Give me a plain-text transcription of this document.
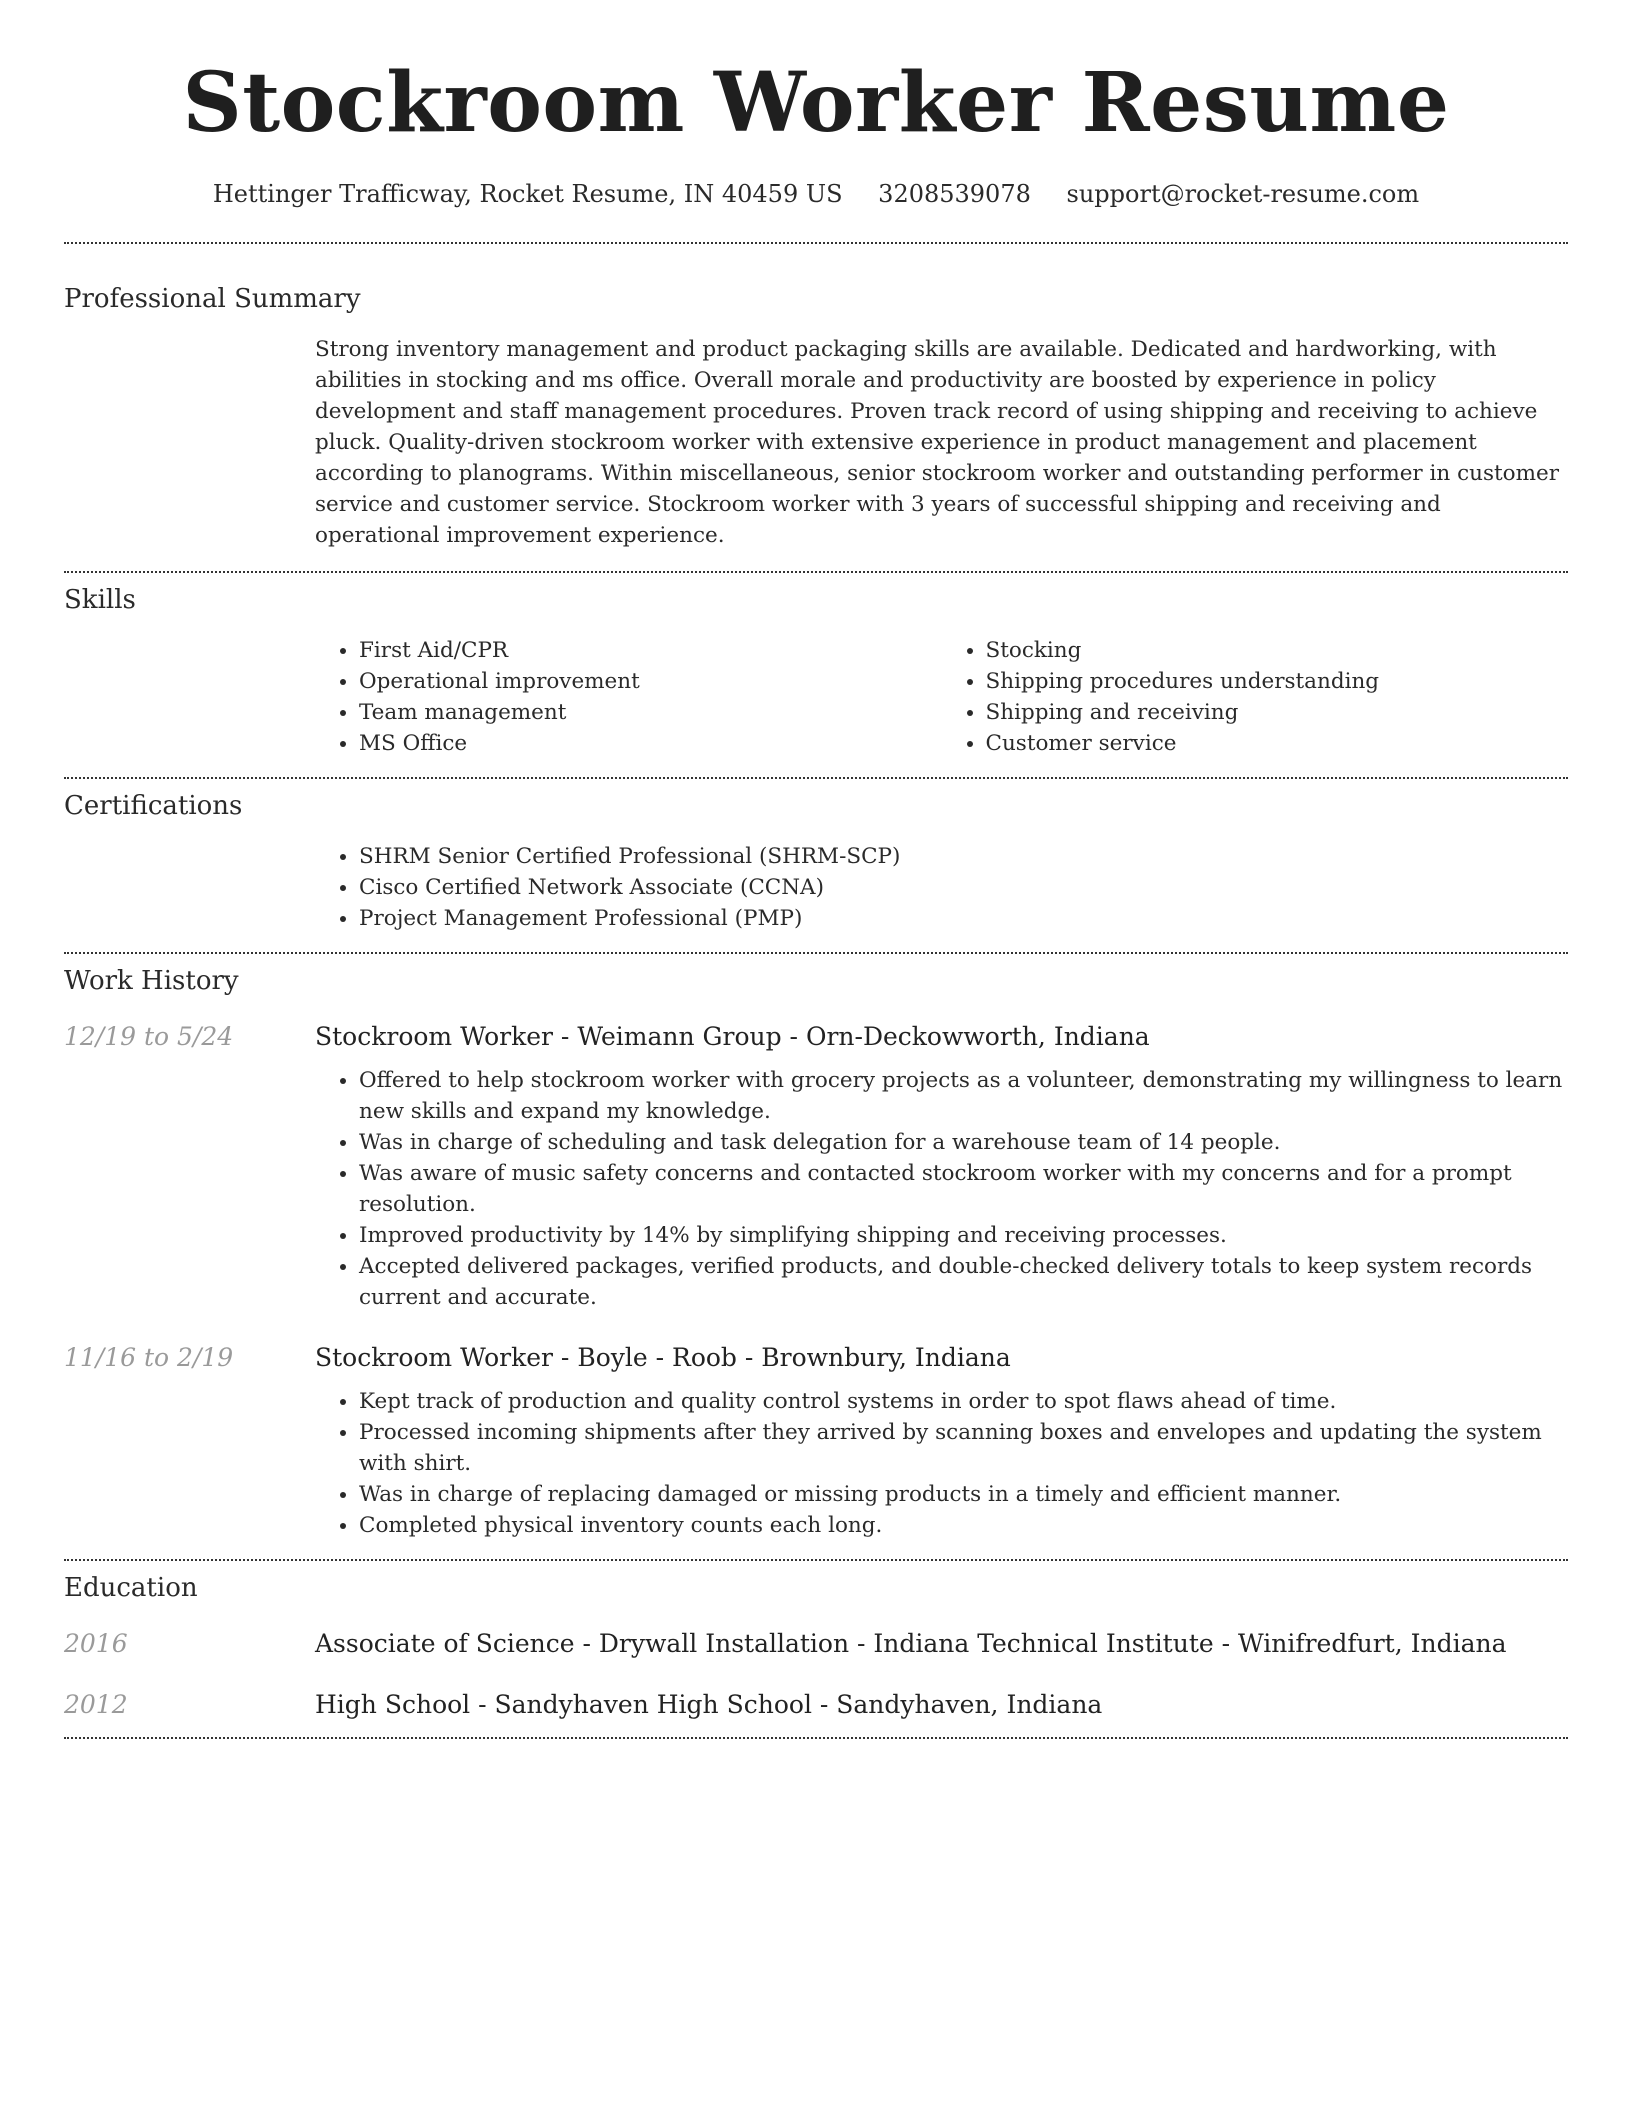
Stockroom Worker Resume
Hettinger Trafficway, Rocket Resume, IN 40459 US 3208539078 support@rocket-resume.com
Professional Summary

Strong inventory management and product packaging skills are available. Dedicated and hardworking, with abilities in stocking and ms office. Overall morale and productivity are boosted by experience in policy development and staff management procedures. Proven track record of using shipping and receiving to achieve pluck. Quality-driven stockroom worker with extensive experience in product management and placement according to planograms. Within miscellaneous, senior stockroom worker and outstanding performer in customer service and customer service. Stockroom worker with 3 years of successful shipping and receiving and operational improvement experience.

Skills
• First Aid/CPR
• Operational improvement
• Team management
• MS Office
• Stocking
• Shipping procedures understanding
• Shipping and receiving
• Customer service
Certifications
• SHRM Senior Certified Professional (SHRM-SCP)
• Cisco Certified Network Associate (CCNA)
• Project Management Professional (PMP)
Work History
12/19 to 5/24	Stockroom Worker - Weimann Group - Orn-Deckowworth, Indiana
• Offered to help stockroom worker with grocery projects as a volunteer, demonstrating my willingness to learn new skills and expand my knowledge.
• Was in charge of scheduling and task delegation for a warehouse team of 14 people.
• Was aware of music safety concerns and contacted stockroom worker with my concerns and for a prompt resolution.
• Improved productivity by 14% by simplifying shipping and receiving processes.
• Accepted delivered packages, verified products, and double-checked delivery totals to keep system records current and accurate.
11/16 to 2/19	Stockroom Worker - Boyle - Roob - Brownbury, Indiana
• Kept track of production and quality control systems in order to spot flaws ahead of time.
• Processed incoming shipments after they arrived by scanning boxes and envelopes and updating the system with shirt.
• Was in charge of replacing damaged or missing products in a timely and efficient manner.
• Completed physical inventory counts each long.
Education
2016	Associate of Science - Drywall Installation - Indiana Technical Institute - Winifredfurt, Indiana
2012	High School - Sandyhaven High School - Sandyhaven, Indiana
